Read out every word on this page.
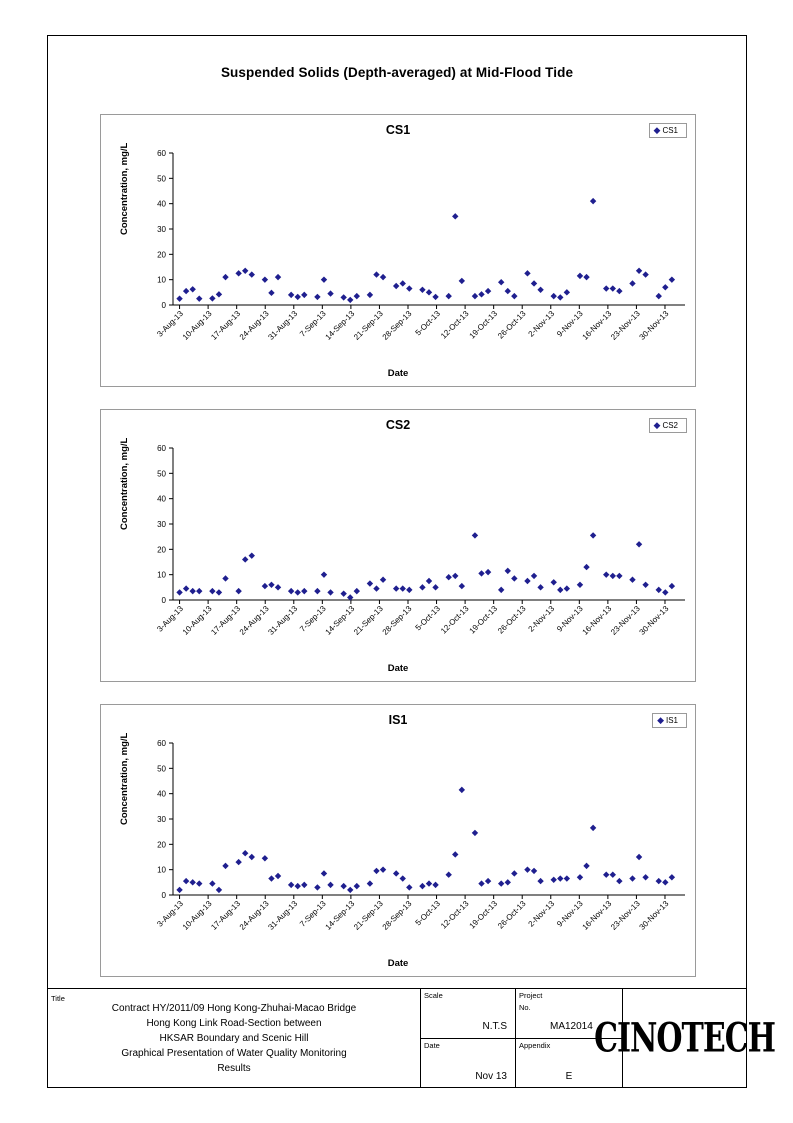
Suspended Solids (Depth-averaged) at Mid-Flood Tide
CS1	◆ CS1
Concentration, mg/L
Date
0
10
20
30
40
50
60
3-Aug-13
10-Aug-13
17-Aug-13
24-Aug-13
31-Aug-13
7-Sep-13
14-Sep-13
21-Sep-13
28-Sep-13 5-Oct-13
12-Oct-13
19-Oct-13
26-Oct-13
2-Nov-13
9-Nov-13
16-Nov-13
23-Nov-13
30-Nov-13
CS2	◆ CS2
Concentration, mg/L
Date
0
10
20
30
40
50
60
3-Aug-13
10-Aug-13
17-Aug-13
24-Aug-13
31-Aug-13
7-Sep-13
14-Sep-13
21-Sep-13
28-Sep-13 5-Oct-13
12-Oct-13
19-Oct-13
26-Oct-13
2-Nov-13
9-Nov-13
16-Nov-13
23-Nov-13
30-Nov-13
IS1	◆ IS1
Concentration, mg/L
Date
0
10
20
30
40
50
60
3-Aug-13
10-Aug-13
17-Aug-13
24-Aug-13
31-Aug-13
7-Sep-13
14-Sep-13
21-Sep-13
28-Sep-13 5-Oct-13
12-Oct-13
19-Oct-13
26-Oct-13
2-Nov-13
9-Nov-13
16-Nov-13
23-Nov-13
30-Nov-13
Title
Contract HY/2011/09 Hong Kong-Zhuhai-Macao Bridge
Hong Kong Link Road-Section between
HKSAR Boundary and Scenic Hill
Graphical Presentation of Water Quality Monitoring
Results
Scale
N.T.S
Date
Nov 13
Project
No.
MA12014
Appendix
E
CINOTECH
